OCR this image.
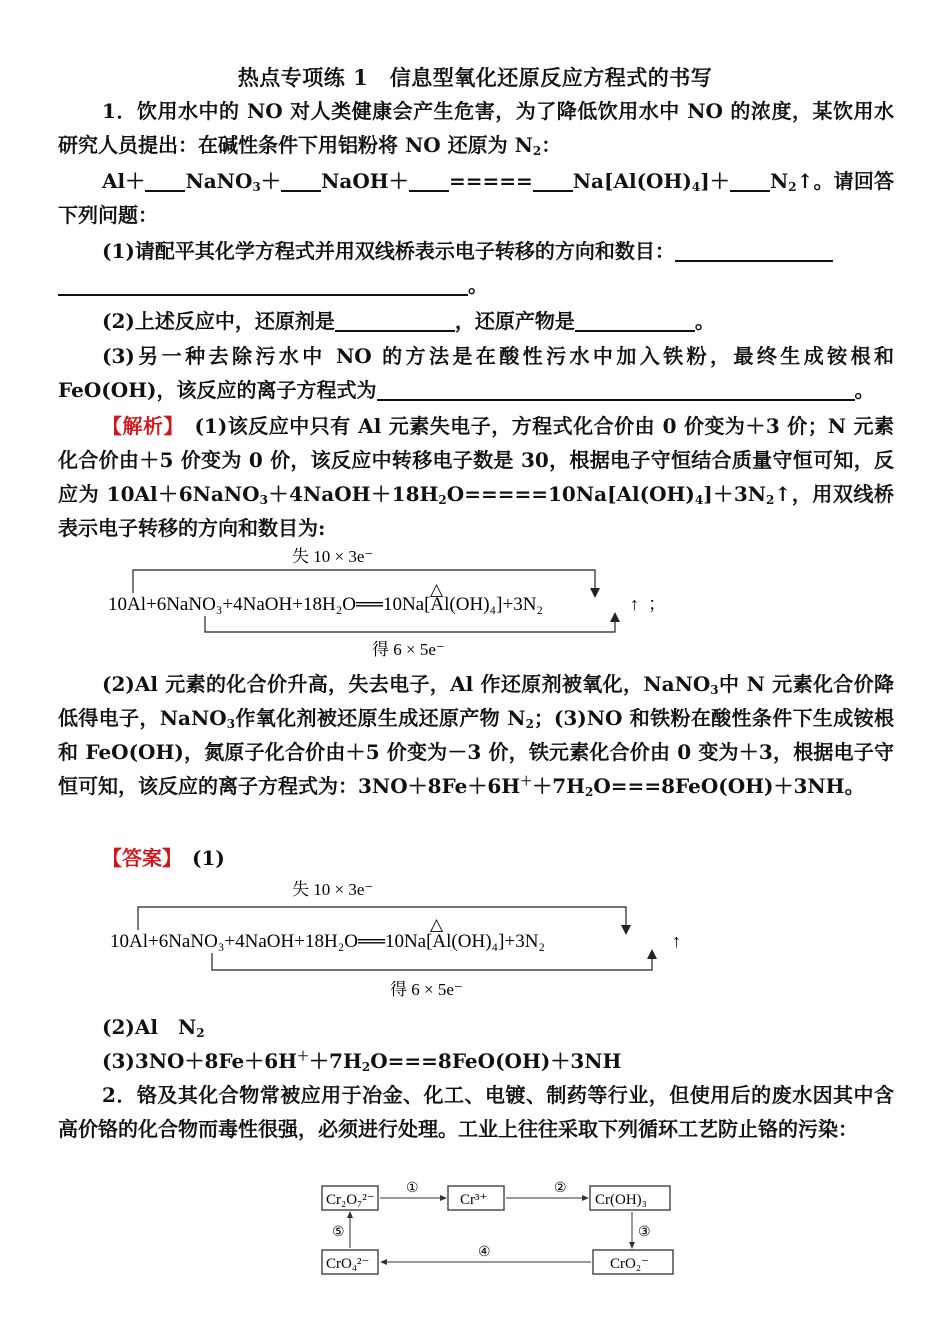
热点专项练 1　信息型氧化还原反应方程式的书写
1．饮用水中的 NO 对人类健康会产生危害，为了降低饮用水中 NO 的浓度，某饮用水研究人员提出：在碱性条件下用铝粉将 NO 还原为 $N_2$：
Al＋ NaNO$_3$＋ NaOH＋ ===== $Na[Al(OH)_4]+$ $N_2↑$。请回答下列问题：
(1)请配平其化学方程式并用双线桥表示电子转移的方向和数目：
。
(2)上述反应中，还原剂是	，还原产物是	。
(3)另一种去除污水中 NO 的方法是在酸性污水中加入铁粉，最终生成铵根和 FeO(OH)，该反应的离子方程式为	。
【解析】　(1)该反应中只有 Al 元素失电子，方程式化合价由 0 价变为＋3 价；N 元素化合价由＋5 价变为 0 价，该反应中转移电子数是 30，根据电子守恒结合质量守恒可知，反应为 $10Al+6NaNO_3+4NaOH+18H_2O=====10Na[Al(OH)_4]+3N_2↑$，用双线桥表示电子转移的方向和数目为:
失 10 × 3e⁻
△
10Al+6NaNO₃+4NaOH+18H₂O══10Na[Al(OH)₄]+3N₂	↑ ；
得 6 × 5e⁻
(2)Al 元素的化合价升高，失去电子，Al 作还原剂被氧化，NaNO$_3$中 N 元素化合价降低得电子，NaNO$_3$作氧化剂被还原生成还原产物 $N_2$；(3)NO 和铁粉在酸性条件下生成铵根和 FeO(OH)，氮原子化合价由＋5 价变为－3 价，铁元素化合价由 0 变为＋3，根据电子守恒可知，该反应的离子方程式为：$3NO+8Fe+6H^++7H_2O===8FeO(OH)+3NH$。
【答案】　(1)
失 10 × 3e⁻
△
10Al+6NaNO₃+4NaOH+18H₂O══10Na[Al(OH)₄]+3N₂	↑
得 6 × 5e⁻
(2)Al　$N_2$
$(3)3NO+8Fe+6H^++7H_2O===8FeO(OH)+3NH$
2．铬及其化合物常被应用于冶金、化工、电镀、制药等行业，但使用后的废水因其中含高价铬的化合物而毒性很强，必须进行处理。工业上往往采取下列循环工艺防止铬的污染：
Cr₂O₇²⁻	Cr³⁺	Cr(OH)₃
CrO₂⁻
CrO₄²⁻
①	②
③
④
⑤
